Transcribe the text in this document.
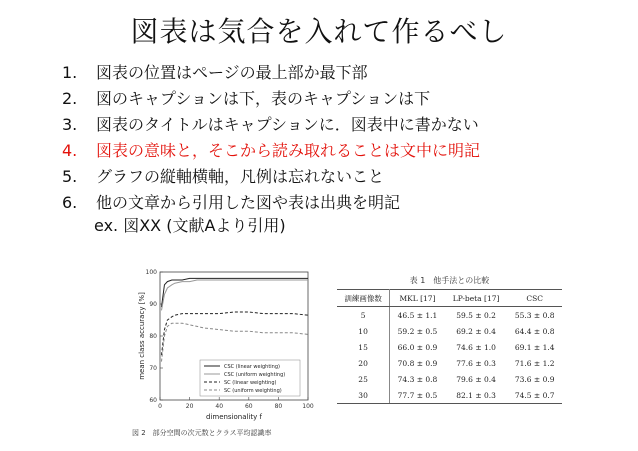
図表は気合を入れて作るべし
1. 図表の位置はページの最上部か最下部
2. 図のキャプションは下，表のキャプションは下
3. 図表のタイトルはキャプションに．図表中に書かない
4. 図表の意味と，そこから読み取れることは文中に明記
5. グラフの縦軸横軸，凡例は忘れないこと
6. 他の文章から引用した図や表は出典を明記
ex. 図XX (文献Aより引用)
0	20	40	60	80	100
60
70
80
90
100
dimensionality f
mean class accuracy [%]	CSC (linear weighting)
CSC (uniform weighting)
SC (linear weighting)
SC (uniform weighting)
図 2　部分空間の次元数とクラス平均認識率
表 1　他手法との比較
訓練画像数	MKL [17]	LP-beta [17]	CSC
5	46.5 ± 1.1	59.5 ± 0.2	55.3 ± 0.8
10	59.2 ± 0.5	69.2 ± 0.4	64.4 ± 0.8
15	66.0 ± 0.9	74.6 ± 1.0	69.1 ± 1.4
20	70.8 ± 0.9	77.6 ± 0.3	71.6 ± 1.2
25	74.3 ± 0.8	79.6 ± 0.4	73.6 ± 0.9
30	77.7 ± 0.5	82.1 ± 0.3	74.5 ± 0.7
